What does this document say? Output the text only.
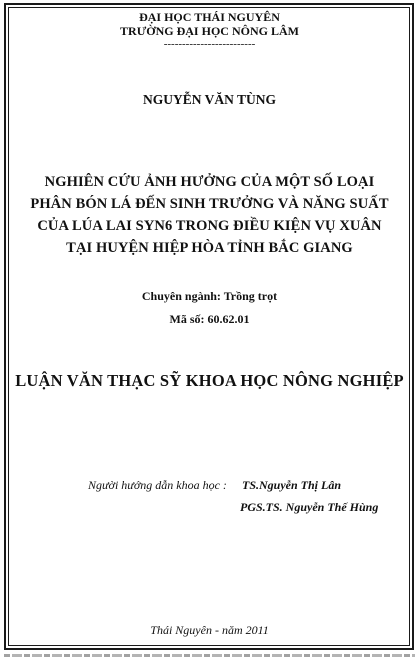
ĐẠI HỌC THÁI NGUYÊN
TRƯỜNG ĐẠI HỌC NÔNG LÂM
-------------------------
NGUYỄN VĂN TÙNG
NGHIÊN CỨU ẢNH HƯỞNG CỦA MỘT SỐ LOẠI
PHÂN BÓN LÁ ĐẾN SINH TRƯỞNG VÀ NĂNG SUẤT
CỦA LÚA LAI SYN6 TRONG ĐIỀU KIỆN VỤ XUÂN
TẠI HUYỆN HIỆP HÒA TỈNH BẮC GIANG
Chuyên ngành: Trồng trọt
Mã số: 60.62.01
LUẬN VĂN THẠC SỸ KHOA HỌC NÔNG NGHIỆP
Người hướng dẫn khoa học : TS.Nguyễn Thị Lân
PGS.TS. Nguyễn Thế Hùng
Thái Nguyên - năm 2011
